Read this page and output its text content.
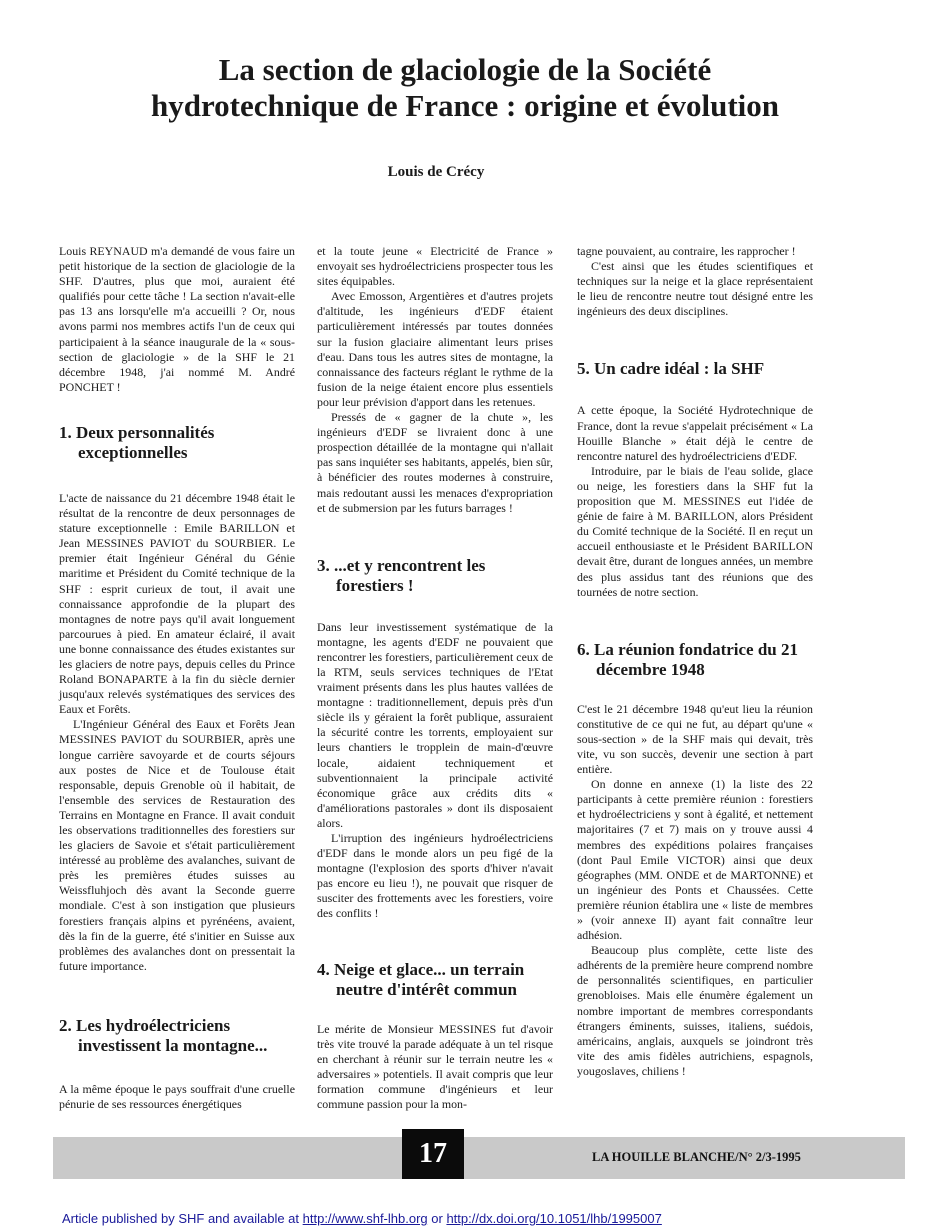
La section de glaciologie de la Société
hydrotechnique de France : origine et évolution
Louis de Crécy

Louis REYNAUD m'a demandé de vous faire un petit historique de la section de glaciologie de la SHF. D'autres, plus que moi, auraient été qualifiés pour cette tâche ! La section n'avait-elle pas 13 ans lorsqu'elle m'a accueilli ? Or, nous avons parmi nos membres actifs l'un de ceux qui participaient à la séance inaugurale de la « sous-section de glaciologie » de la SHF le 21 décembre 1948, j'ai nommé M. André PONCHET !

1. Deux personnalités exceptionnelles

L'acte de naissance du 21 décembre 1948 était le résultat de la rencontre de deux personnages de stature exceptionnelle : Emile BARILLON et Jean MESSINES PAVIOT du SOURBIER. Le premier était Ingénieur Général du Génie maritime et Président du Comité technique de la SHF : esprit curieux de tout, il avait une connaissance approfondie de la plupart des montagnes de notre pays qu'il avait longuement parcourues à pied. En amateur éclairé, il avait une bonne connaissance des études existantes sur les glaciers de notre pays, depuis celles du Prince Roland BONAPARTE à la fin du siècle dernier jusqu'aux relevés systématiques des services des Eaux et Forêts.

L'Ingénieur Général des Eaux et Forêts Jean MESSINES PAVIOT du SOURBIER, après une longue carrière savoyarde et de courts séjours aux postes de Nice et de Toulouse était responsable, depuis Grenoble où il habitait, de l'ensemble des services de Restauration des Terrains en Montagne en France. Il avait conduit les observations traditionnelles des forestiers sur les glaciers de Savoie et s'était particulièrement intéressé au problème des avalanches, suivant de près les premières études suisses au Weissfluhjoch dès avant la Seconde guerre mondiale. C'est à son instigation que plusieurs forestiers français alpins et pyrénéens, avaient, dès la fin de la guerre, été s'initier en Suisse aux problèmes des avalanches dont on pressentait la future importance.

2. Les hydroélectriciens investissent la montagne...

A la même époque le pays souffrait d'une cruelle pénurie de ses ressources énergétiques

et la toute jeune « Electricité de France » envoyait ses hydroélectriciens prospecter tous les sites équipables.

Avec Emosson, Argentières et d'autres projets d'altitude, les ingénieurs d'EDF étaient particulièrement intéressés par toutes données sur la fusion glaciaire alimentant leurs prises d'eau. Dans tous les autres sites de montagne, la connaissance des facteurs réglant le rythme de la fusion de la neige étaient encore plus essentiels pour leur prévision d'apport dans les retenues.

Pressés de « gagner de la chute », les ingénieurs d'EDF se livraient donc à une prospection détaillée de la montagne qui n'allait pas sans inquiéter ses habitants, appelés, bien sûr, à bénéficier des routes modernes à construire, mais redoutant aussi les menaces d'expropriation et de submersion par les futurs barrages !

3. ...et y rencontrent les forestiers !

Dans leur investissement systématique de la montagne, les agents d'EDF ne pouvaient que rencontrer les forestiers, particulièrement ceux de la RTM, seuls services techniques de l'Etat vraiment présents dans les plus hautes vallées de montagne : traditionnellement, depuis près d'un siècle ils y géraient la forêt publique, assuraient la sécurité contre les torrents, employaient sur leurs chantiers le tropplein de main-d'œuvre locale, aidaient techniquement et subventionnaient la principale activité économique grâce aux crédits dits « d'améliorations pastorales » dont ils disposaient alors.

L'irruption des ingénieurs hydroélectriciens d'EDF dans le monde alors un peu figé de la montagne (l'explosion des sports d'hiver n'avait pas encore eu lieu !), ne pouvait que risquer de susciter des frottements avec les forestiers, voire des conflits !

4. Neige et glace... un terrain neutre d'intérêt commun

Le mérite de Monsieur MESSINES fut d'avoir très vite trouvé la parade adéquate à un tel risque en cherchant à réunir sur le terrain neutre les « adversaires » potentiels. Il avait compris que leur formation commune d'ingénieurs et leur commune passion pour la mon-

tagne pouvaient, au contraire, les rapprocher !

C'est ainsi que les études scientifiques et techniques sur la neige et la glace représentaient le lieu de rencontre neutre tout désigné entre les ingénieurs des deux disciplines.

5. Un cadre idéal : la SHF

A cette époque, la Société Hydrotechnique de France, dont la revue s'appelait précisément « La Houille Blanche » était déjà le centre de rencontre naturel des hydroélectriciens d'EDF.

Introduire, par le biais de l'eau solide, glace ou neige, les forestiers dans la SHF fut la proposition que M. MESSINES eut l'idée de génie de faire à M. BARILLON, alors Président du Comité technique de la Société. Il en reçut un accueil enthousiaste et le Président BARILLON devait être, durant de longues années, un membre des plus assidus tant des réunions que des tournées de notre section.

6. La réunion fondatrice du 21 décembre 1948

C'est le 21 décembre 1948 qu'eut lieu la réunion constitutive de ce qui ne fut, au départ qu'une « sous-section » de la SHF mais qui devait, très vite, vu son succès, devenir une section à part entière.

On donne en annexe (1) la liste des 22 participants à cette première réunion : forestiers et hydroélectriciens y sont à égalité, et nettement majoritaires (7 et 7) mais on y trouve aussi 4 membres des expéditions polaires françaises (dont Paul Emile VICTOR) ainsi que deux géographes (MM. ONDE et de MARTONNE) et un ingénieur des Ponts et Chaussées. Cette première réunion établira une « liste de membres » (voir annexe II) ayant fait connaître leur adhésion.

Beaucoup plus complète, cette liste des adhérents de la première heure comprend nombre de personnalités scientifiques, en particulier grenobloises. Mais elle énumère également un nombre important de membres correspondants étrangers éminents, suisses, italiens, suédois, américains, anglais, auxquels se joindront très vite des amis fidèles autrichiens, espagnols, yougoslaves, chiliens !

17	LA HOUILLE BLANCHE/N° 2/3-1995
Article published by SHF and available at http://www.shf-lhb.org or http://dx.doi.org/10.1051/lhb/1995007
